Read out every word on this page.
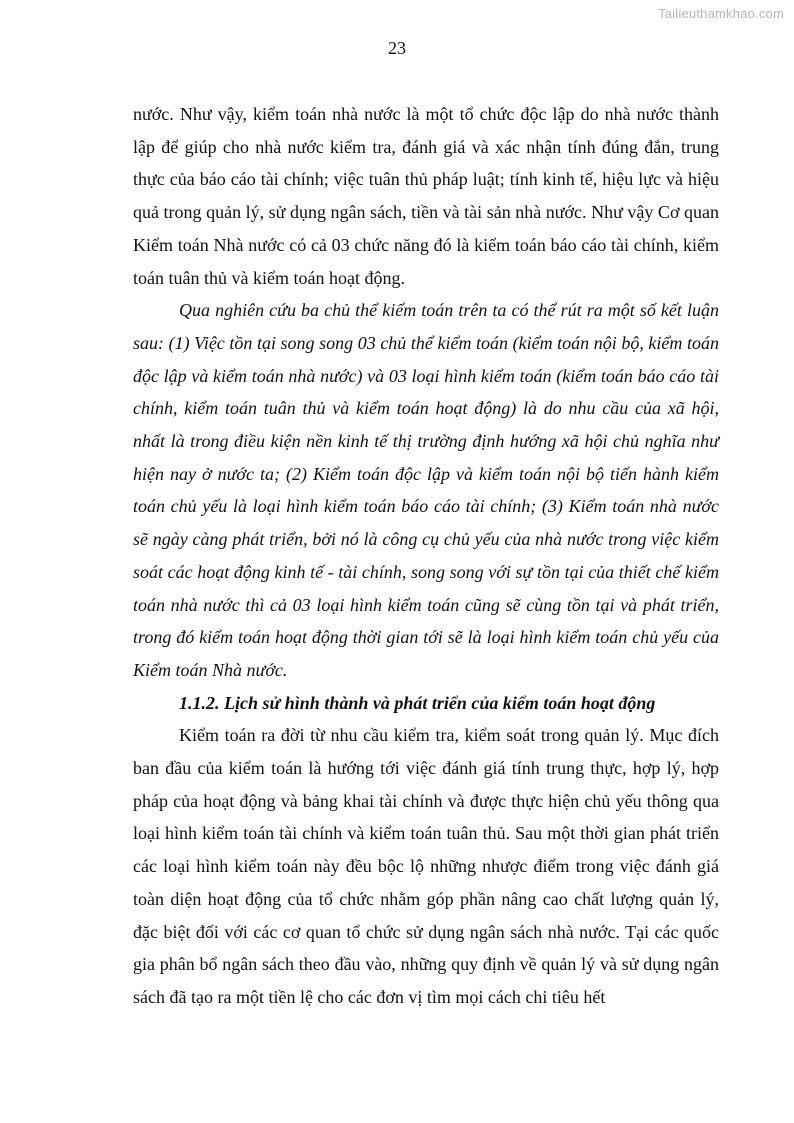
Tailieuthamkhao.com
23

nước. Như vậy, kiểm toán nhà nước là một tổ chức độc lập do nhà nước thành lập để giúp cho nhà nước kiểm tra, đánh giá và xác nhận tính đúng đắn, trung thực của báo cáo tài chính; việc tuân thủ pháp luật; tính kinh tế, hiệu lực và hiệu quả trong quản lý, sử dụng ngân sách, tiền và tài sản nhà nước. Như vậy Cơ quan Kiểm toán Nhà nước có cả 03 chức năng đó là kiểm toán báo cáo tài chính, kiểm toán tuân thủ và kiểm toán hoạt động.

Qua nghiên cứu ba chủ thể kiểm toán trên ta có thể rút ra một số kết luận sau: (1) Việc tồn tại song song 03 chủ thể kiểm toán (kiểm toán nội bộ, kiểm toán độc lập và kiểm toán nhà nước) và 03 loại hình kiểm toán (kiểm toán báo cáo tài chính, kiểm toán tuân thủ và kiểm toán hoạt động) là do nhu cầu của xã hội, nhất là trong điều kiện nền kinh tế thị trường định hướng xã hội chủ nghĩa như hiện nay ở nước ta; (2) Kiểm toán độc lập và kiểm toán nội bộ tiến hành kiểm toán chủ yếu là loại hình kiểm toán báo cáo tài chính; (3) Kiểm toán nhà nước sẽ ngày càng phát triển, bởi nó là công cụ chủ yếu của nhà nước trong việc kiểm soát các hoạt động kinh tế - tài chính, song song với sự tồn tại của thiết chế kiểm toán nhà nước thì cả 03 loại hình kiểm toán cũng sẽ cùng tồn tại và phát triển, trong đó kiểm toán hoạt động thời gian tới sẽ là loại hình kiểm toán chủ yếu của Kiểm toán Nhà nước.

1.1.2. Lịch sử hình thành và phát triển của kiểm toán hoạt động

Kiểm toán ra đời từ nhu cầu kiểm tra, kiểm soát trong quản lý. Mục đích ban đầu của kiểm toán là hướng tới việc đánh giá tính trung thực, hợp lý, hợp pháp của hoạt động và bảng khai tài chính và được thực hiện chủ yếu thông qua loại hình kiểm toán tài chính và kiểm toán tuân thủ. Sau một thời gian phát triển các loại hình kiểm toán này đều bộc lộ những nhược điểm trong việc đánh giá toàn diện hoạt động của tổ chức nhằm góp phần nâng cao chất lượng quản lý, đặc biệt đối với các cơ quan tổ chức sử dụng ngân sách nhà nước. Tại các quốc gia phân bổ ngân sách theo đầu vào, những quy định về quản lý và sử dụng ngân sách đã tạo ra một tiền lệ cho các đơn vị tìm mọi cách chi tiêu hết
